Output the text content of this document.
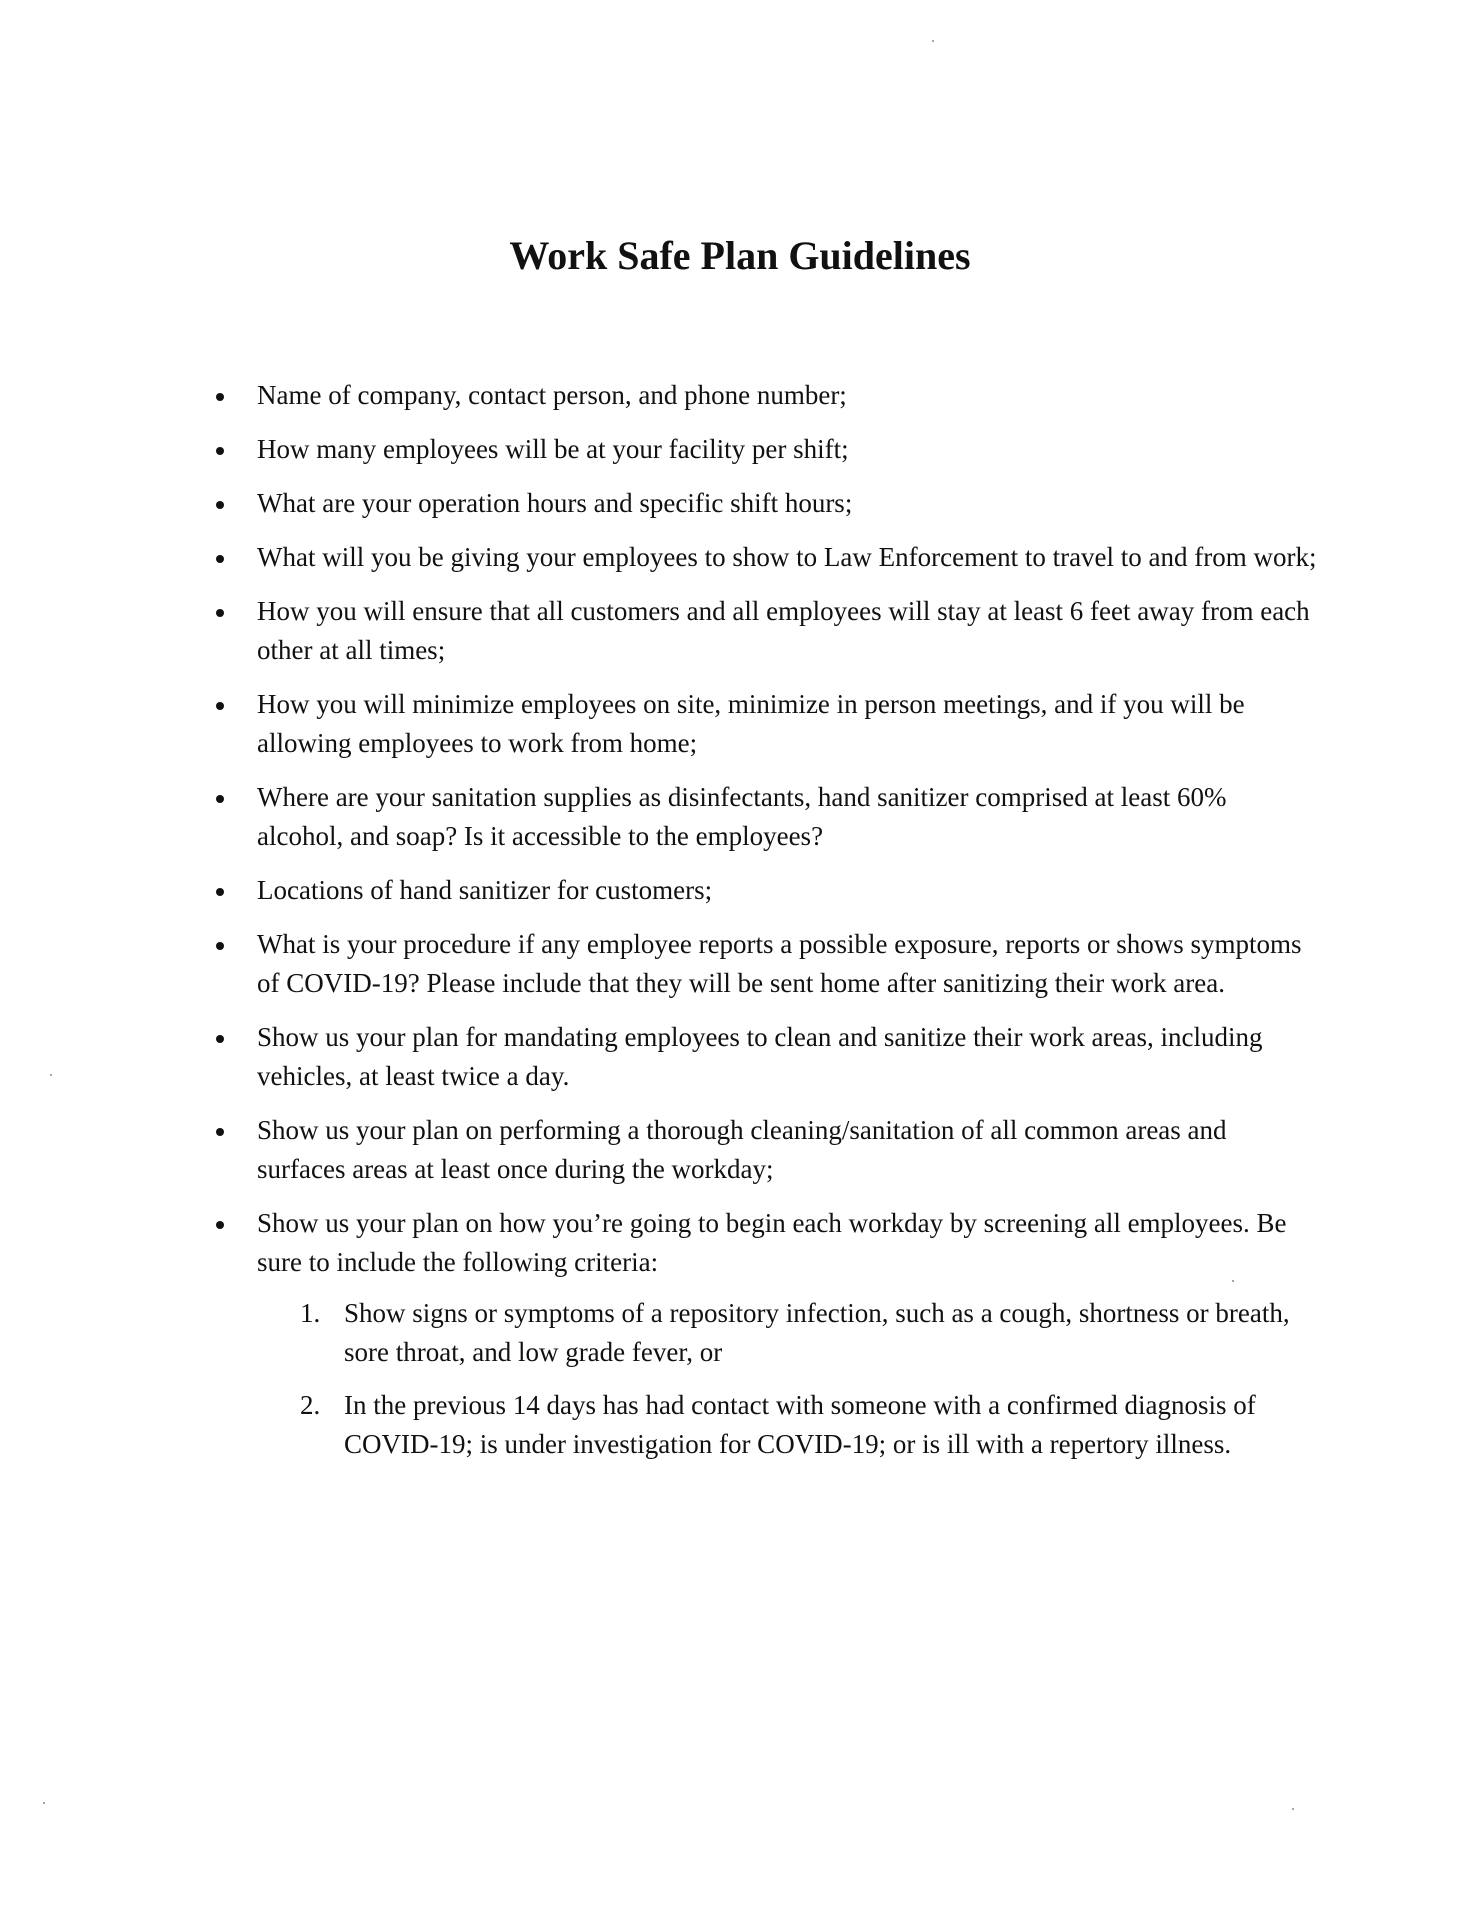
Work Safe Plan Guidelines
Name of company, contact person, and phone number;
How many employees will be at your facility per shift;
What are your operation hours and specific shift hours;
What will you be giving your employees to show to Law Enforcement to travel to and from work;
How you will ensure that all customers and all employees will stay at least 6 feet away from each other at all times;
How you will minimize employees on site, minimize in person meetings, and if you will be allowing employees to work from home;
Where are your sanitation supplies as disinfectants, hand sanitizer comprised at least 60% alcohol, and soap? Is it accessible to the employees?
Locations of hand sanitizer for customers;
What is your procedure if any employee reports a possible exposure, reports or shows symptoms of COVID-19? Please include that they will be sent home after sanitizing their work area.
Show us your plan for mandating employees to clean and sanitize their work areas, including vehicles, at least twice a day.
Show us your plan on performing a thorough cleaning/sanitation of all common areas and surfaces areas at least once during the workday;
Show us your plan on how you’re going to begin each workday by screening all employees. Be sure to include the following criteria:
1. Show signs or symptoms of a repository infection, such as a cough, shortness or breath, sore throat, and low grade fever, or
2. In the previous 14 days has had contact with someone with a confirmed diagnosis of COVID-19; is under investigation for COVID-19; or is ill with a repertory illness.
